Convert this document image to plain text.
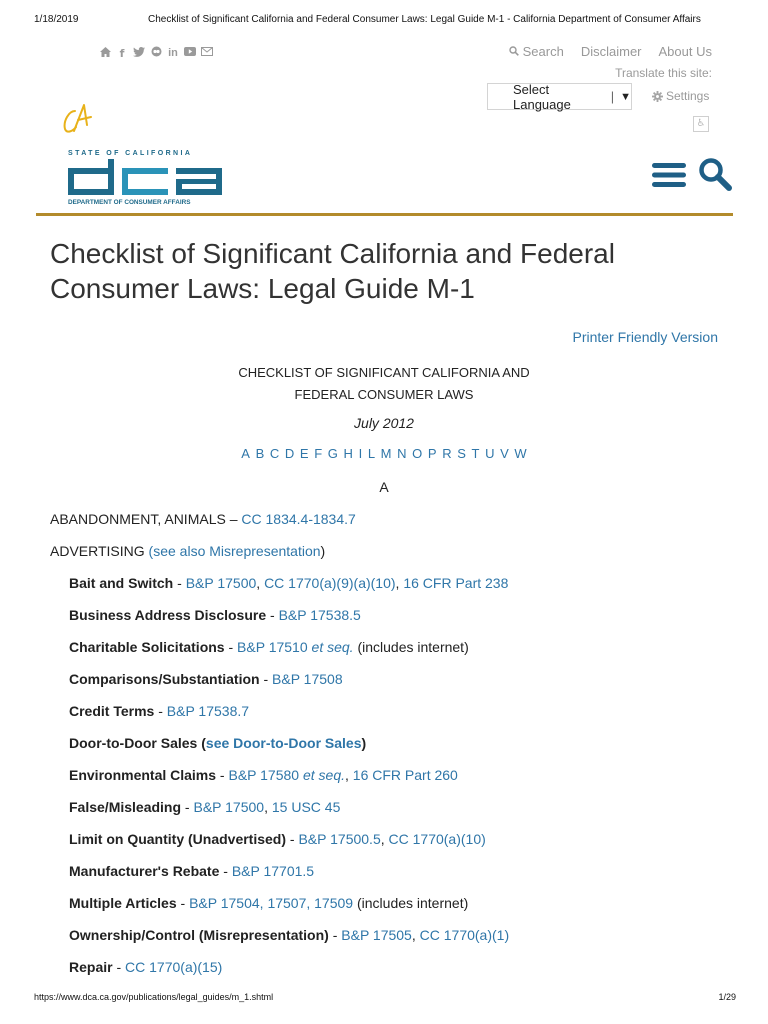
1/18/2019	Checklist of Significant California and Federal Consumer Laws: Legal Guide M-1 - California Department of Consumer Affairs
f	in	Search Disclaimer About Us
Translate this site:
Select Language	| ▼	Settings
♿
STATE OF CALIFORNIA
DEPARTMENT OF CONSUMER AFFAIRS
Checklist of Significant California and Federal Consumer Laws: Legal Guide M-1
Printer Friendly Version
CHECKLIST OF SIGNIFICANT CALIFORNIA AND
FEDERAL CONSUMER LAWS
July 2012
A B C D E F G H I L M N O P R S T U V W
A
ABANDONMENT, ANIMALS – CC 1834.4-1834.7
ADVERTISING (see also Misrepresentation)
Bait and Switch - B&P 17500, CC 1770(a)(9)(a)(10), 16 CFR Part 238
Business Address Disclosure - B&P 17538.5
Charitable Solicitations - B&P 17510 et seq. (includes internet)
Comparisons/Substantiation - B&P 17508
Credit Terms - B&P 17538.7
Door-to-Door Sales (see Door-to-Door Sales)
Environmental Claims - B&P 17580 et seq., 16 CFR Part 260
False/Misleading - B&P 17500, 15 USC 45
Limit on Quantity (Unadvertised) - B&P 17500.5, CC 1770(a)(10)
Manufacturer's Rebate - B&P 17701.5
Multiple Articles - B&P 17504, 17507, 17509 (includes internet)
Ownership/Control (Misrepresentation) - B&P 17505, CC 1770(a)(1)
Repair - CC 1770(a)(15)
https://www.dca.ca.gov/publications/legal_guides/m_1.shtml	1/29
